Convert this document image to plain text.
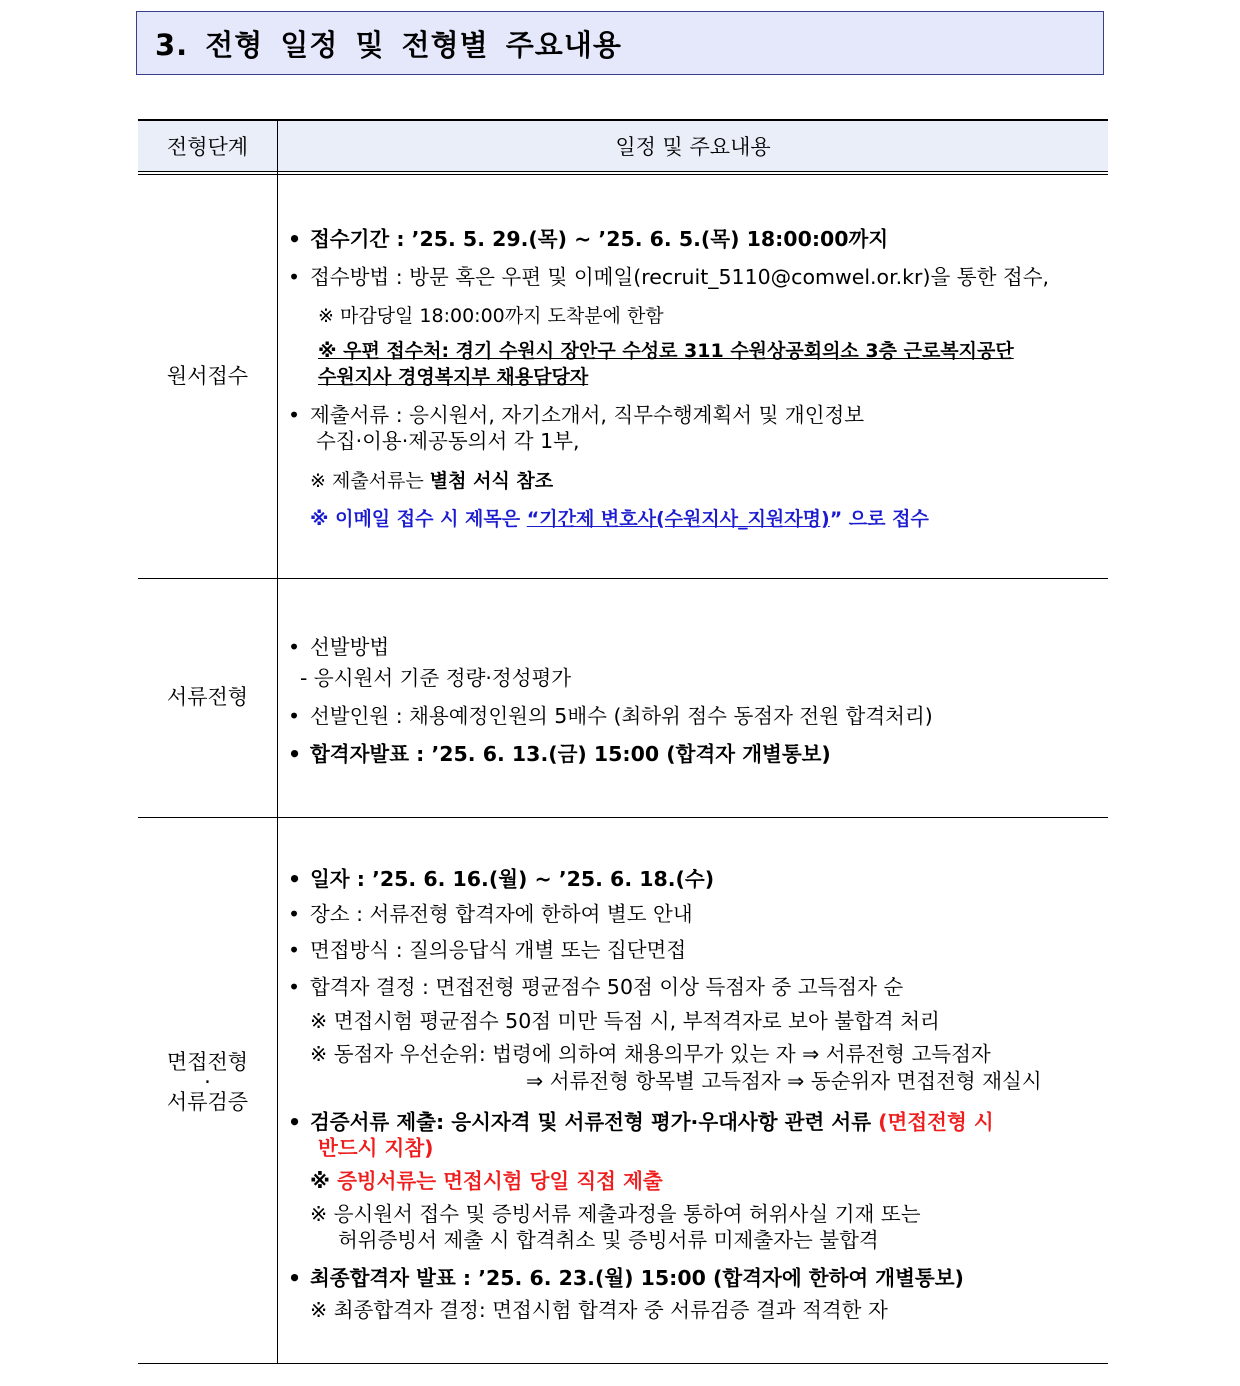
3. 전형 일정 및 전형별 주요내용
전형단계	일정 및 주요내용
원서접수
• 접수기간 : ’25. 5. 29.(목) ~ ’25. 6. 5.(목) 18:00:00까지
• 접수방법 : 방문 혹은 우편 및 이메일(recruit_5110@comwel.or.kr)을 통한 접수,
※ 마감당일 18:00:00까지 도착분에 한함
※ 우편 접수처: 경기 수원시 장안구 수성로 311 수원상공회의소 3층 근로복지공단
수원지사 경영복지부 채용담당자
• 제출서류 : 응시원서, 자기소개서, 직무수행계획서 및 개인정보
수집·이용·제공동의서 각 1부,
※ 제출서류는 별첨 서식 참조
※ 이메일 접수 시 제목은 “기간제 변호사(수원지사_지원자명)” 으로 접수
서류전형
• 선발방법
- 응시원서 기준 정량·정성평가
• 선발인원 : 채용예정인원의 5배수 (최하위 점수 동점자 전원 합격처리)
• 합격자발표 : ’25. 6. 13.(금) 15:00 (합격자 개별통보)
면접전형
·
서류검증
• 일자 : ’25. 6. 16.(월) ~ ’25. 6. 18.(수)
• 장소 : 서류전형 합격자에 한하여 별도 안내
• 면접방식 : 질의응답식 개별 또는 집단면접
• 합격자 결정 : 면접전형 평균점수 50점 이상 득점자 중 고득점자 순
※ 면접시험 평균점수 50점 미만 득점 시, 부적격자로 보아 불합격 처리
※ 동점자 우선순위: 법령에 의하여 채용의무가 있는 자 ⇒ 서류전형 고득점자
⇒ 서류전형 항목별 고득점자 ⇒ 동순위자 면접전형 재실시
• 검증서류 제출: 응시자격 및 서류전형 평가·우대사항 관련 서류 (면접전형 시
반드시 지참)
※ 증빙서류는 면접시험 당일 직접 제출
※ 응시원서 접수 및 증빙서류 제출과정을 통하여 허위사실 기재 또는
허위증빙서 제출 시 합격취소 및 증빙서류 미제출자는 불합격
• 최종합격자 발표 : ’25. 6. 23.(월) 15:00 (합격자에 한하여 개별통보)
※ 최종합격자 결정: 면접시험 합격자 중 서류검증 결과 적격한 자
